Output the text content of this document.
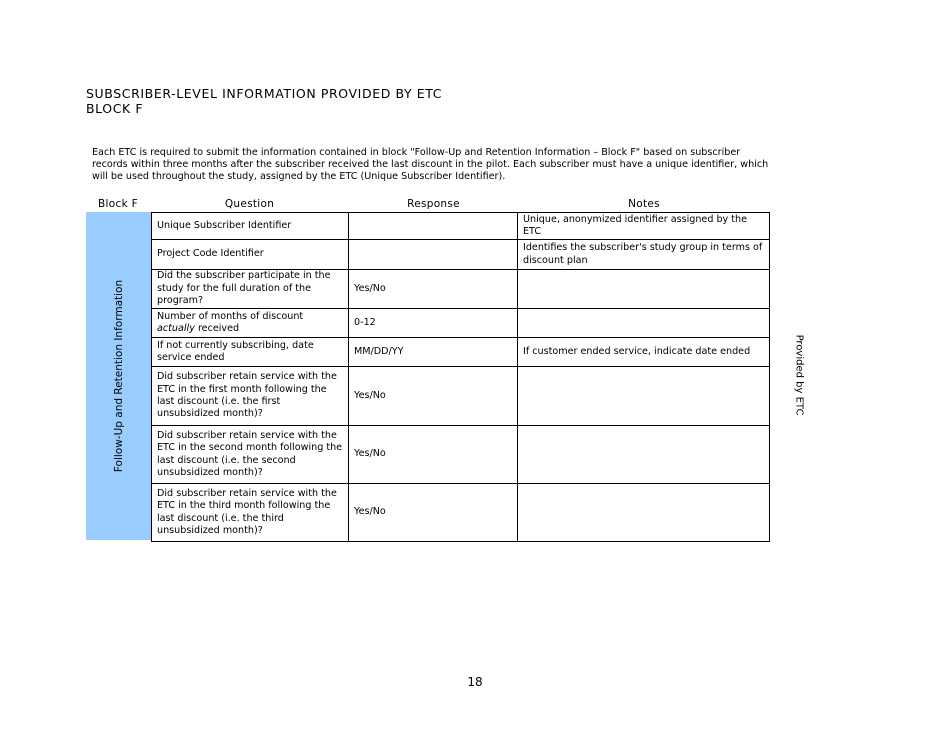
SUBSCRIBER-LEVEL INFORMATION PROVIDED BY ETC
BLOCK F
Each ETC is required to submit the information contained in block "Follow-Up and Retention Information – Block F" based on subscriber records within three months after the subscriber received the last discount in the pilot. Each subscriber must have a unique identifier, which will be used throughout the study, assigned by the ETC (Unique Subscriber Identifier).
Block F	Question	Response	Notes
Follow-Up and Retention Information
Unique Subscriber Identifier		Unique, anonymized identifier assigned by the ETC
Project Code Identifier		Identifies the subscriber's study group in terms of discount plan
Did the subscriber participate in the study for the full duration of the program?	Yes/No	
Number of months of discount actually received	0-12	
If not currently subscribing, date service ended	MM/DD/YY	If customer ended service, indicate date ended
Did subscriber retain service with the ETC in the first month following the last discount (i.e. the first unsubsidized month)?	Yes/No	
Did subscriber retain service with the ETC in the second month following the last discount (i.e. the second unsubsidized month)?	Yes/No	
Did subscriber retain service with the ETC in the third month following the last discount (i.e. the third unsubsidized month)?	Yes/No	
Provided by ETC
18
